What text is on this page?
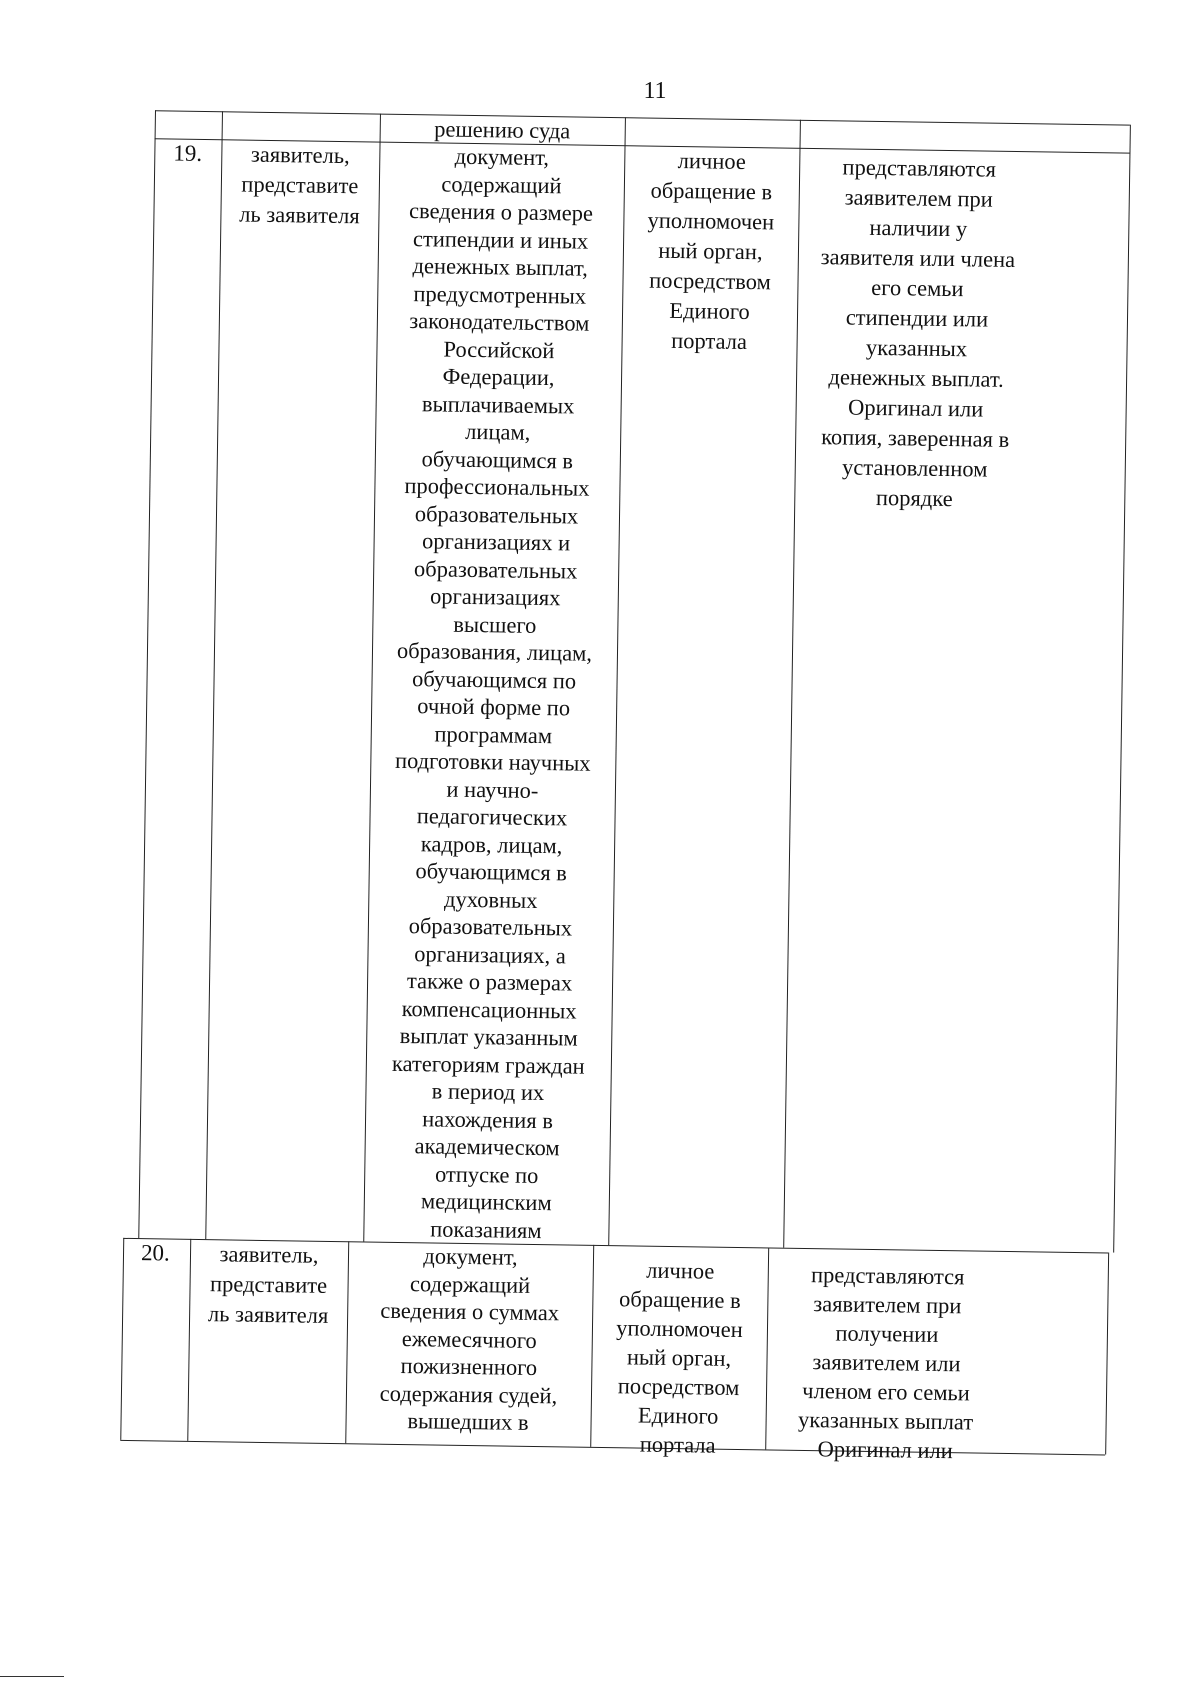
11
решению суда
19.	заявитель,
представите
ль заявителя
документ,
содержащий
сведения о размере
стипендии и иных
денежных выплат,
предусмотренных
законодательством
Российской
Федерации,
выплачиваемых
лицам,
обучающимся в
профессиональных
образовательных
организациях и
образовательных
организациях
высшего
образования, лицам,
обучающимся по
очной форме по
программам
подготовки научных
и научно-
педагогических
кадров, лицам,
обучающимся в
духовных
образовательных
организациях, а
также о размерах
компенсационных
выплат указанным
категориям граждан
в период их
нахождения в
академическом
отпуске по
медицинским
показаниям
личное
обращение в
уполномочен
ный орган,
посредством
Единого
портала
представляются
заявителем при
наличии у
заявителя или члена
его семьи
стипендии или
указанных
денежных выплат.
Оригинал или
копия, заверенная в
установленном
порядке
20.	заявитель,
представите
ль заявителя
документ,
содержащий
сведения о суммах
ежемесячного
пожизненного
содержания судей,
вышедших в
личное
обращение в
уполномочен
ный орган,
посредством
Единого
портала
представляются
заявителем при
получении
заявителем или
членом его семьи
указанных выплат
Оригинал или
